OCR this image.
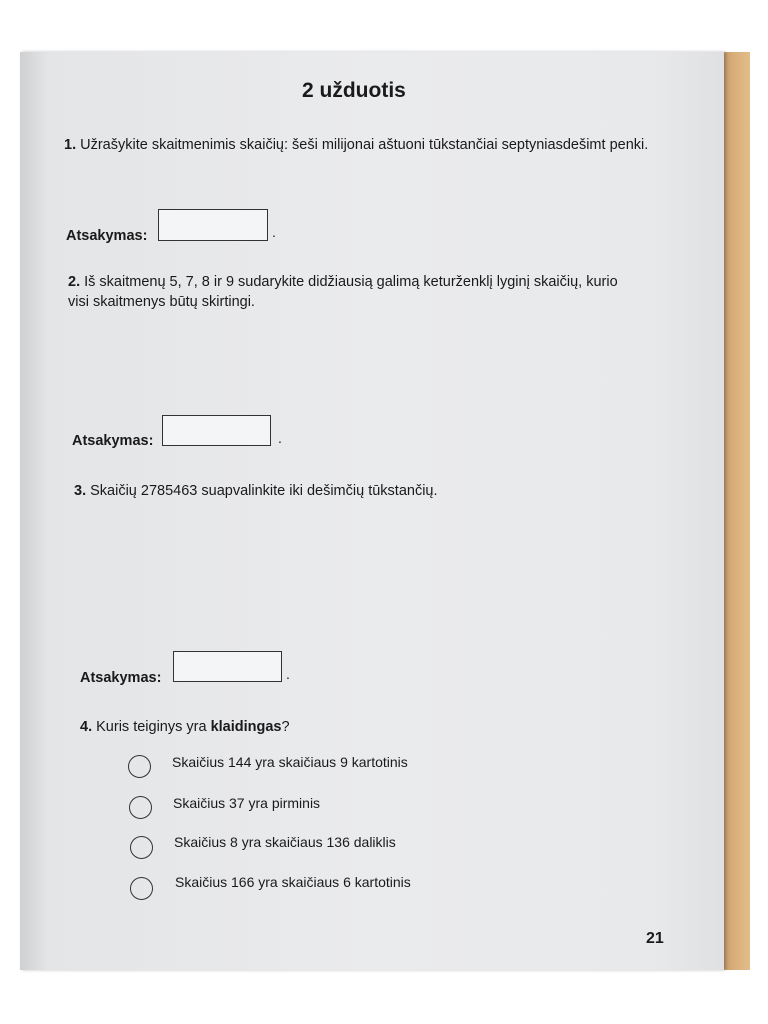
2 užduotis
1. Užrašykite skaitmenimis skaičių: šeši milijonai aštuoni tūkstančiai septyniasdešimt penki.
Atsakymas:	.
2. Iš skaitmenų 5, 7, 8 ir 9 sudarykite didžiausią galimą keturženklį lyginį skaičių, kurio
visi skaitmenys būtų skirtingi.
Atsakymas:	.
3. Skaičių 2785463 suapvalinkite iki dešimčių tūkstančių.
Atsakymas:	.
4. Kuris teiginys yra klaidingas?
Skaičius 144 yra skaičiaus 9 kartotinis
Skaičius 37 yra pirminis
Skaičius 8 yra skaičiaus 136 daliklis
Skaičius 166 yra skaičiaus 6 kartotinis
21
